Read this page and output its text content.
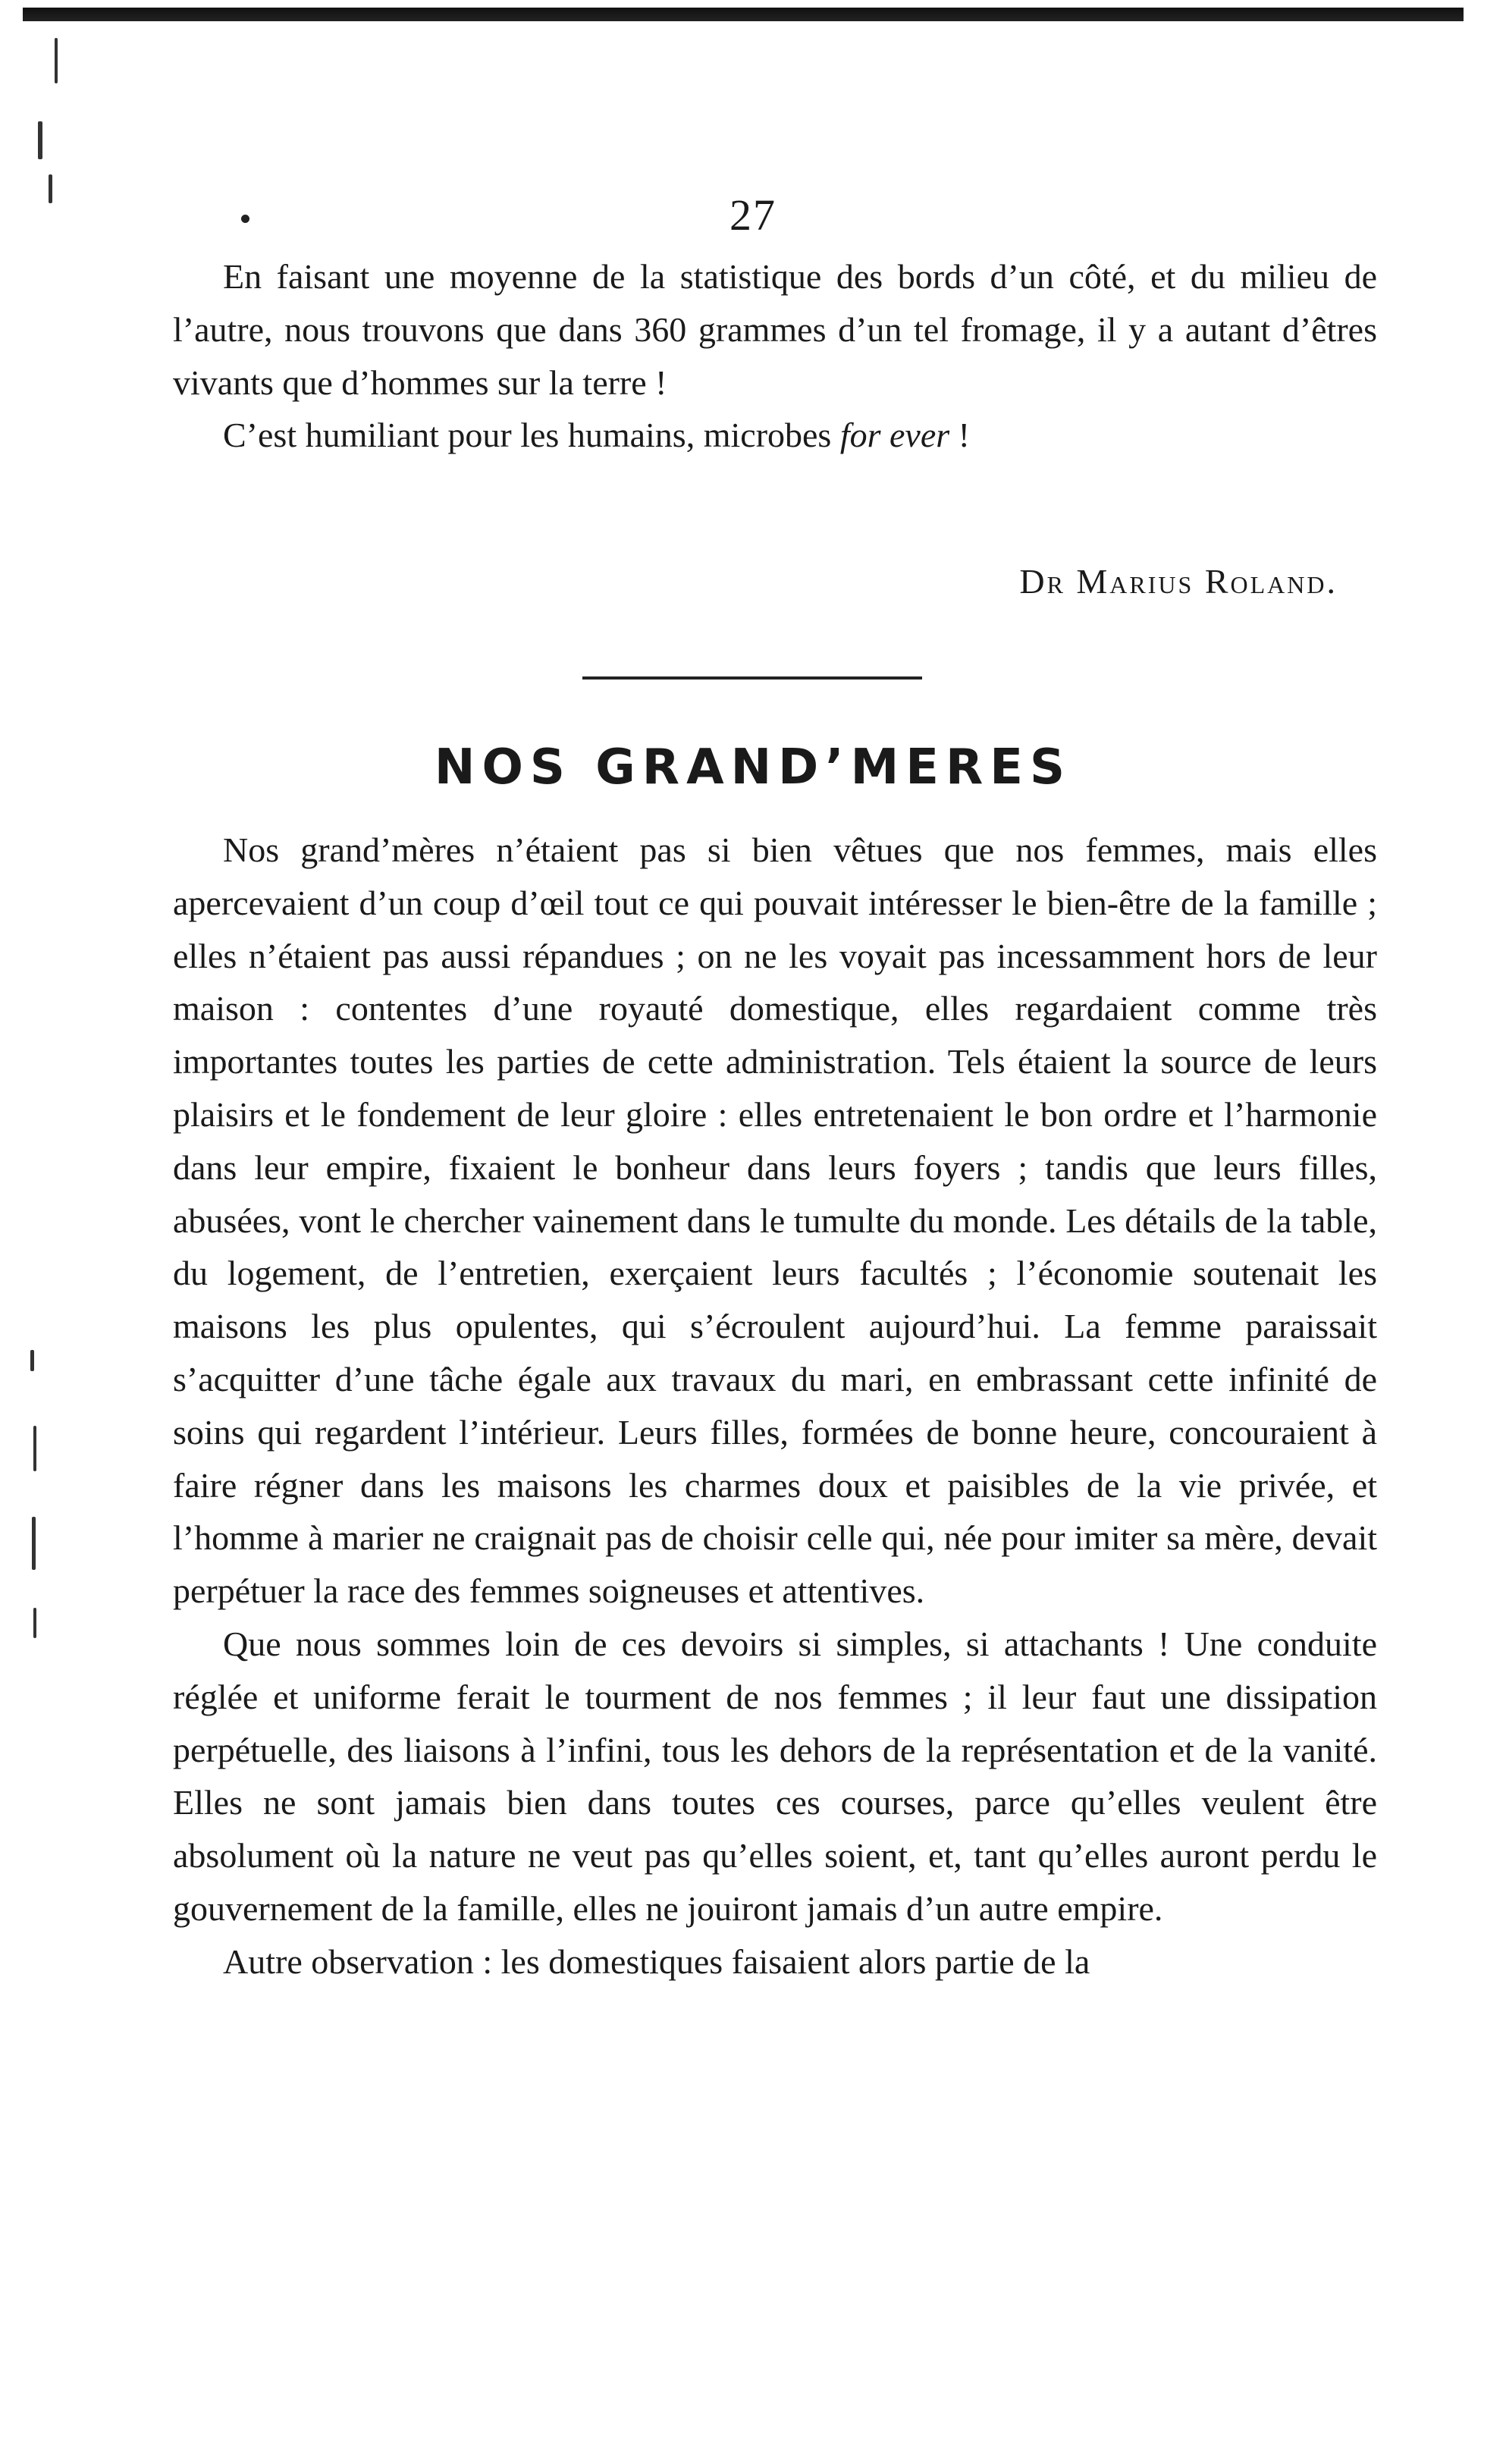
27

En faisant une moyenne de la statistique des bords d’un côté, et du milieu de l’autre, nous trouvons que dans 360 grammes d’un tel fromage, il y a autant d’êtres vivants que d’hommes sur la terre !

C’est humiliant pour les humains, microbes for ever !

Dr Marius Roland.
NOS GRAND’MERES

Nos grand’mères n’étaient pas si bien vêtues que nos femmes, mais elles apercevaient d’un coup d’œil tout ce qui pouvait intéresser le bien-être de la famille ; elles n’étaient pas aussi répandues ; on ne les voyait pas incessamment hors de leur maison : contentes d’une royauté domestique, elles regardaient comme très importantes toutes les parties de cette administration. Tels étaient la source de leurs plaisirs et le fondement de leur gloire : elles entretenaient le bon ordre et l’harmonie dans leur empire, fixaient le bonheur dans leurs foyers ; tandis que leurs filles, abusées, vont le chercher vainement dans le tumulte du monde. Les détails de la table, du logement, de l’entretien, exerçaient leurs facultés ; l’économie soutenait les maisons les plus opulentes, qui s’écroulent aujourd’hui. La femme paraissait s’acquitter d’une tâche égale aux travaux du mari, en embrassant cette infinité de soins qui regardent l’intérieur. Leurs filles, formées de bonne heure, concouraient à faire régner dans les maisons les charmes doux et paisibles de la vie privée, et l’homme à marier ne craignait pas de choisir celle qui, née pour imiter sa mère, devait perpétuer la race des femmes soigneuses et attentives.

Que nous sommes loin de ces devoirs si simples, si attachants ! Une conduite réglée et uniforme ferait le tourment de nos femmes ; il leur faut une dissipation perpétuelle, des liaisons à l’infini, tous les dehors de la représentation et de la vanité. Elles ne sont jamais bien dans toutes ces courses, parce qu’elles veulent être absolument où la nature ne veut pas qu’elles soient, et, tant qu’elles auront perdu le gouvernement de la famille, elles ne jouiront jamais d’un autre empire.

Autre observation : les domestiques faisaient alors partie de la
